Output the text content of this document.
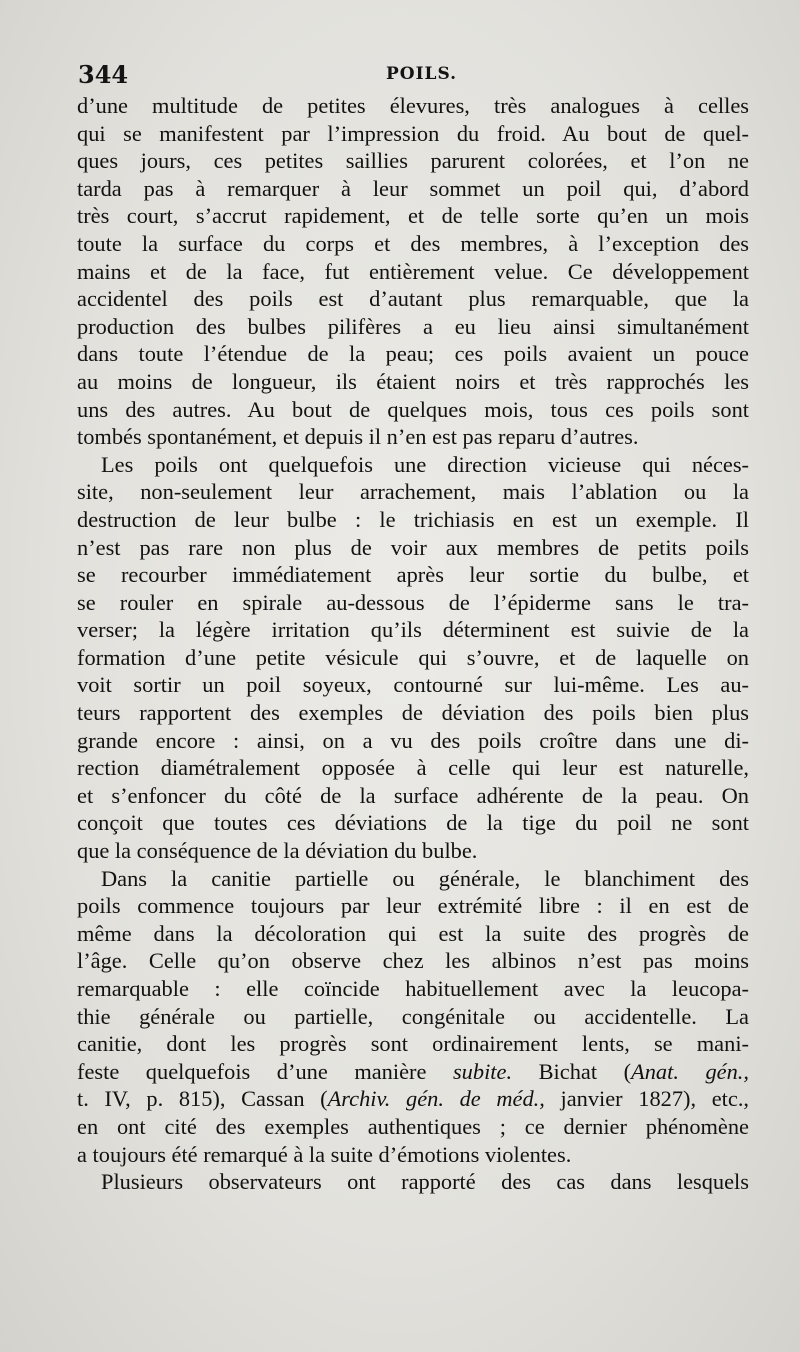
344	POILS.
d’une multitude de petites élevures, très analogues à celles
qui se manifestent par l’impression du froid. Au bout de quel-
ques jours, ces petites saillies parurent colorées, et l’on ne
tarda pas à remarquer à leur sommet un poil qui, d’abord
très court, s’accrut rapidement, et de telle sorte qu’en un mois
toute la surface du corps et des membres, à l’exception des
mains et de la face, fut entièrement velue. Ce développement
accidentel des poils est d’autant plus remarquable, que la
production des bulbes pilifères a eu lieu ainsi simultanément
dans toute l’étendue de la peau; ces poils avaient un pouce
au moins de longueur, ils étaient noirs et très rapprochés les
uns des autres. Au bout de quelques mois, tous ces poils sont
tombés spontanément, et depuis il n’en est pas reparu d’autres.
Les poils ont quelquefois une direction vicieuse qui néces-
site, non-seulement leur arrachement, mais l’ablation ou la
destruction de leur bulbe : le trichiasis en est un exemple. Il
n’est pas rare non plus de voir aux membres de petits poils
se recourber immédiatement après leur sortie du bulbe, et
se rouler en spirale au-dessous de l’épiderme sans le tra-
verser; la légère irritation qu’ils déterminent est suivie de la
formation d’une petite vésicule qui s’ouvre, et de laquelle on
voit sortir un poil soyeux, contourné sur lui-même. Les au-
teurs rapportent des exemples de déviation des poils bien plus
grande encore : ainsi, on a vu des poils croître dans une di-
rection diamétralement opposée à celle qui leur est naturelle,
et s’enfoncer du côté de la surface adhérente de la peau. On
conçoit que toutes ces déviations de la tige du poil ne sont
que la conséquence de la déviation du bulbe.
Dans la canitie partielle ou générale, le blanchiment des
poils commence toujours par leur extrémité libre : il en est de
même dans la décoloration qui est la suite des progrès de
l’âge. Celle qu’on observe chez les albinos n’est pas moins
remarquable : elle coïncide habituellement avec la leucopa-
thie générale ou partielle, congénitale ou accidentelle. La
canitie, dont les progrès sont ordinairement lents, se mani-
feste quelquefois d’une manière subite. Bichat (Anat. gén.,
t. IV, p. 815), Cassan (Archiv. gén. de méd., janvier 1827), etc.,
en ont cité des exemples authentiques ; ce dernier phénomène
a toujours été remarqué à la suite d’émotions violentes.
Plusieurs observateurs ont rapporté des cas dans lesquels
